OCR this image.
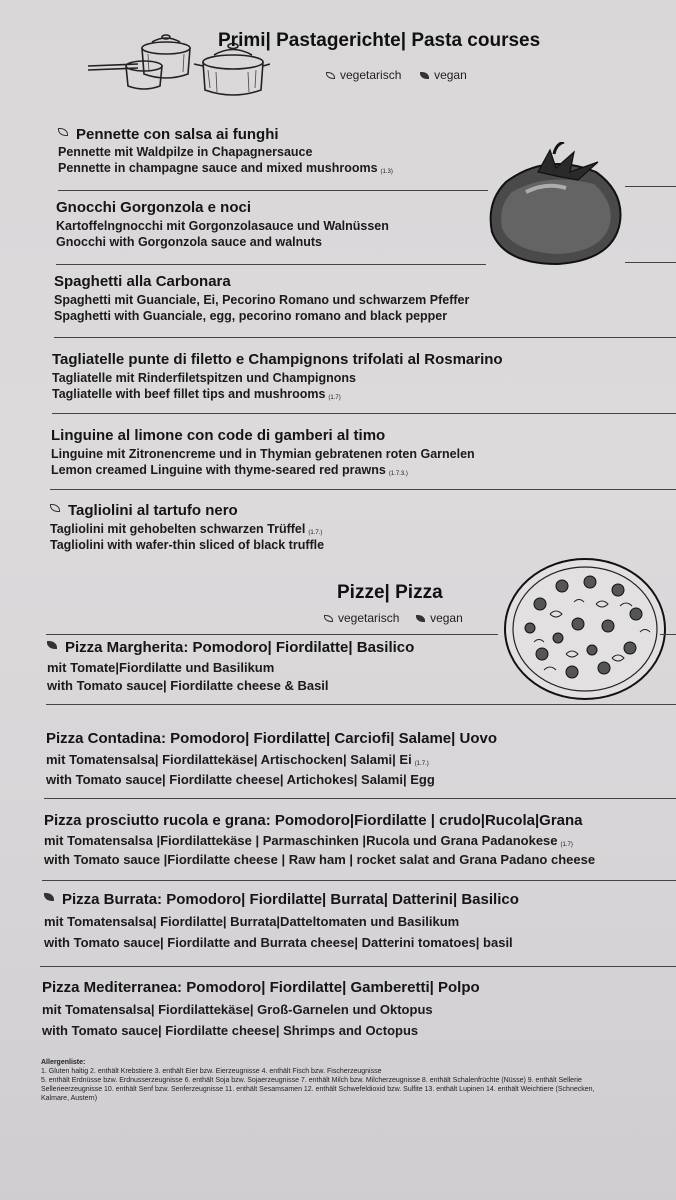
Primi| Pastagerichte| Pasta courses
vegetarisch	vegan
Pennette con salsa ai funghi
Pennette mit Waldpilze in Chapagnersauce
Pennette in champagne sauce and mixed mushrooms (1.3)
Gnocchi Gorgonzola e noci
Kartoffelngnocchi mit Gorgonzolasauce und Walnüssen
Gnocchi with Gorgonzola sauce and walnuts
Spaghetti alla Carbonara
Spaghetti mit Guanciale, Ei, Pecorino Romano und schwarzem Pfeffer
Spaghetti with Guanciale, egg, pecorino romano and black pepper
Tagliatelle punte di filetto e Champignons trifolati al Rosmarino
Tagliatelle mit Rinderfiletspitzen und Champignons
Tagliatelle with beef fillet tips and mushrooms (1.7)
Linguine al limone con code di gamberi al timo
Linguine mit Zitronencreme und in Thymian gebratenen roten Garnelen
Lemon creamed Linguine with thyme-seared red prawns (1.7.3.)
Tagliolini al tartufo nero
Tagliolini mit gehobelten schwarzen Trüffel (1.7.)
Tagliolini with wafer-thin sliced of black truffle
Pizze| Pizza
vegetarisch	vegan
Pizza Margherita: Pomodoro| Fiordilatte| Basilico
mit Tomate|Fiordilatte und Basilikum
with Tomato sauce| Fiordilatte cheese & Basil
Pizza Contadina: Pomodoro| Fiordilatte| Carciofi| Salame| Uovo
mit Tomatensalsa| Fiordilattekäse| Artischocken| Salami| Ei (1.7.)
with Tomato sauce| Fiordilatte cheese| Artichokes| Salami| Egg
Pizza prosciutto rucola e grana: Pomodoro|Fiordilatte | crudo|Rucola|Grana
mit Tomatensalsa |Fiordilattekäse | Parmaschinken |Rucola und Grana Padanokese (1.7)
with Tomato sauce |Fiordilatte cheese | Raw ham | rocket salat and Grana Padano cheese
Pizza Burrata: Pomodoro| Fiordilatte| Burrata| Datterini| Basilico
mit Tomatensalsa| Fiordilatte| Burrata|Datteltomaten und Basilikum
with Tomato sauce| Fiordilatte and Burrata cheese| Datterini tomatoes| basil
Pizza Mediterranea: Pomodoro| Fiordilatte| Gamberetti| Polpo
mit Tomatensalsa| Fiordilattekäse| Groß-Garnelen und Oktopus
with Tomato sauce| Fiordilatte cheese| Shrimps and Octopus
Allergenliste:
1. Gluten haltig 2. enthält Krebstiere 3. enthält Eier bzw. Eierzeugnisse 4. enthält Fisch bzw. Fischerzeugnisse
5. enthält Erdnüsse bzw. Erdnusserzeugnisse 6. enthält Soja bzw. Sojaerzeugnisse 7. enthält Milch bzw. Milcherzeugnisse 8. enthält Schalenfrüchte (Nüsse) 9. enthält Sellerie
Sellerieerzeugnisse 10. enthält Senf bzw. Senferzeugnisse 11. enthält Sesamsamen 12. enthält Schwefeldioxid bzw. Sulfite 13. enthält Lupinen 14. enthält Weichtiere (Schnecken,
Kalmare, Austern)
